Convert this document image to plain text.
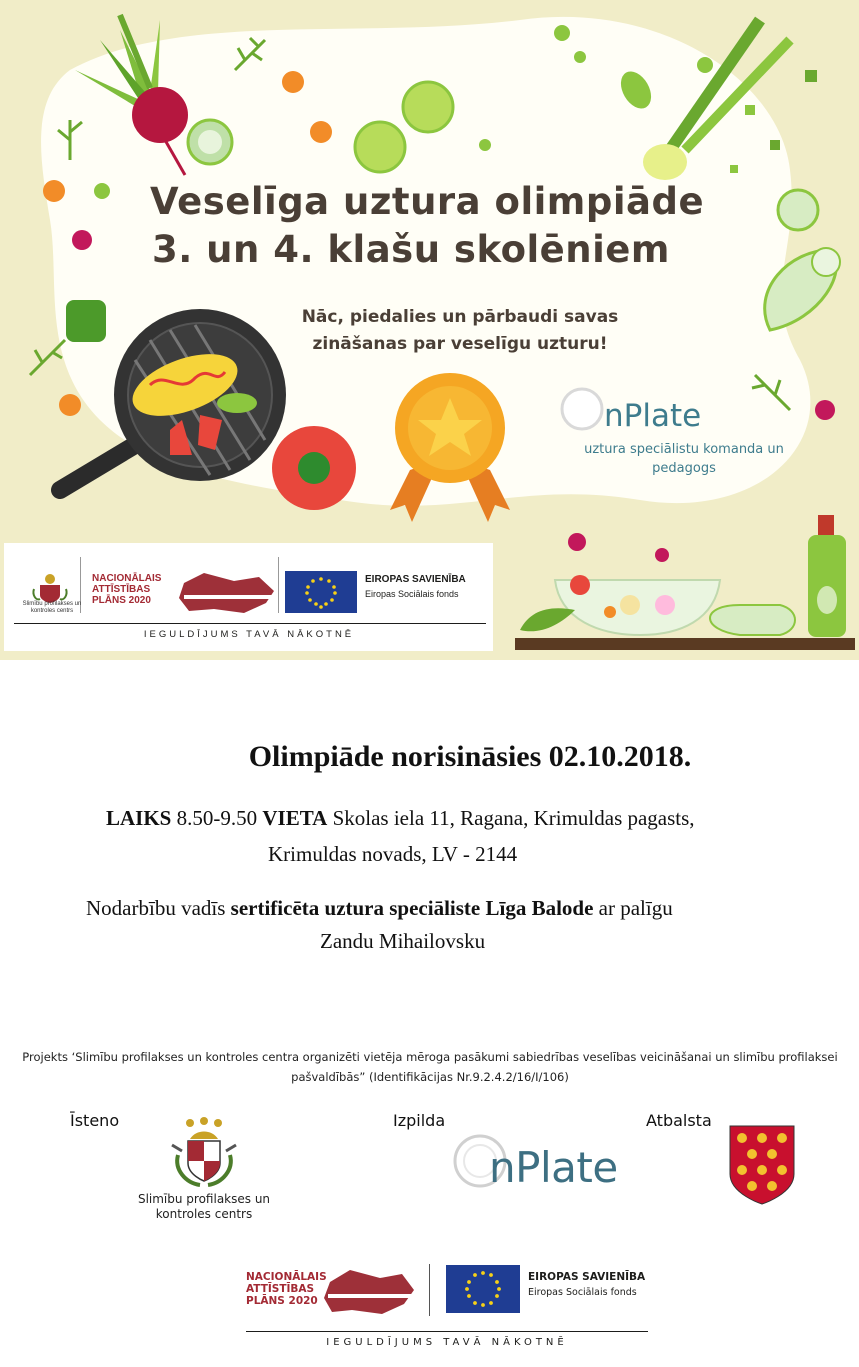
Veselīga uztura olimpiāde
3. un 4. klašu skolēniem
Nāc, piedalies un pārbaudi savas zināšanas par veselīgu uzturu!
nPlate
uztura speciālistu komanda un pedagogs
Slimību profilakses un kontroles centrs
NACIONĀLAIS ATTĪSTĪBAS PLĀNS 2020
EIROPAS SAVIENĪBA
Eiropas Sociālais fonds
IEGULDĪJUMS TAVĀ NĀKOTNĒ
Olimpiāde norisināsies 02.10.2018.
LAIKS 8.50-9.50 VIETA Skolas iela 11, Ragana, Krimuldas pagasts,
Krimuldas novads, LV - 2144
Nodarbību vadīs sertificēta uztura speciāliste Līga Balode ar palīgu
Zandu Mihailovsku
Projekts ‘Slimību profilakses un kontroles centra organizēti vietēja mēroga pasākumi sabiedrības veselības veicināšanai un slimību profilaksei pašvaldībās” (Identifikācijas Nr.9.2.4.2/16/I/106)
Īsteno	Izpilda	Atbalsta
Slimību profilakses un kontroles centrs
nPlate
NACIONĀLAIS ATTĪSTĪBAS PLĀNS 2020
EIROPAS SAVIENĪBA
Eiropas Sociālais fonds
IEGULDĪJUMS TAVĀ NĀKOTNĒ
